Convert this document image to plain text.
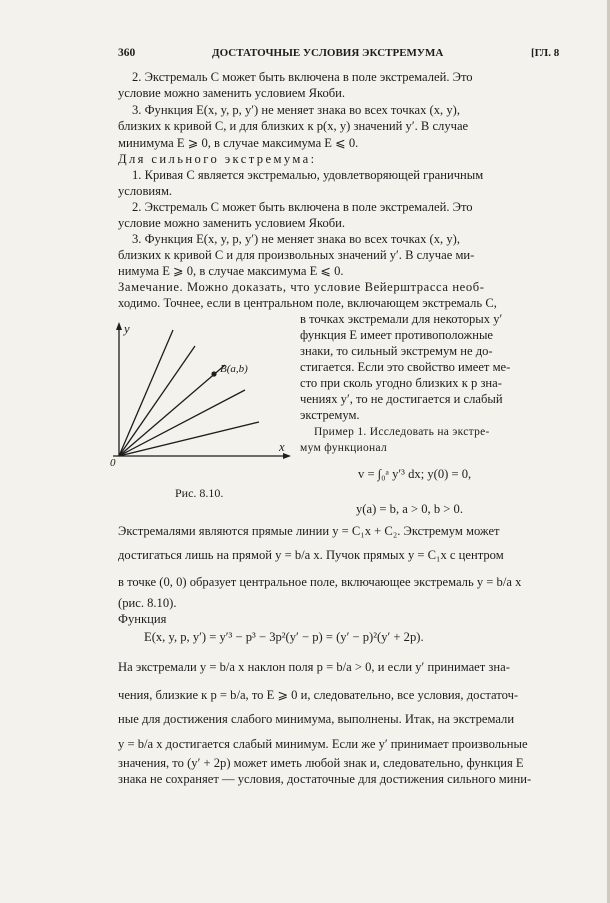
360	ДОСТАТОЧНЫЕ УСЛОВИЯ ЭКСТРЕМУМА	[ГЛ. 8
2. Экстремаль C может быть включена в поле экстремалей. Это
условие можно заменить условием Якоби.
3. Функция E(x, y, p, y′) не меняет знака во всех точках (x, y),
близких к кривой C, и для близких к p(x, y) значений y′. В случае
минимума E ⩾ 0, в случае максимума E ⩽ 0.
Для сильного экстремума:
1. Кривая C является экстремалью, удовлетворяющей граничным
условиям.
2. Экстремаль C может быть включена в поле экстремалей. Это
условие можно заменить условием Якоби.
3. Функция E(x, y, p, y′) не меняет знака во всех точках (x, y),
близких к кривой C и для произвольных значений y′. В случае ми-
нимума E ⩾ 0, в случае максимума E ⩽ 0.
Замечание. Можно доказать, что условие Вейерштрасса необ-
ходимо. Точнее, если в центральном поле, включающем экстремаль C,
в точках экстремали для некоторых y′
функция E имеет противоположные
знаки, то сильный экстремум не до-
стигается. Если это свойство имеет ме-
сто при сколь угодно близких к p зна-
чениях y′, то не достигается и слабый
экстремум.
Пример 1. Исследовать на экстре-
мум функционал
v = ∫₀ᵃ y′³ dx; y(0) = 0,
y(a) = b, a > 0, b > 0.
y
x
0
B(a,b)
Рис. 8.10.
Экстремалями являются прямые линии y = C₁x + C₂. Экстремум может
достигаться лишь на прямой y = b/a x. Пучок прямых y = C₁x с центром
в точке (0, 0) образует центральное поле, включающее экстремаль y = b/a x
(рис. 8.10).
Функция
E(x, y, p, y′) = y′³ − p³ − 3p²(y′ − p) = (y′ − p)²(y′ + 2p).
На экстремали y = b/a x наклон поля p = b/a > 0, и если y′ принимает зна-
чения, близкие к p = b/a, то E ⩾ 0 и, следовательно, все условия, достаточ-
ные для достижения слабого минимума, выполнены. Итак, на экстремали
y = b/a x достигается слабый минимум. Если же y′ принимает произвольные
значения, то (y′ + 2p) может иметь любой знак и, следовательно, функция E
знака не сохраняет — условия, достаточные для достижения сильного мини-
